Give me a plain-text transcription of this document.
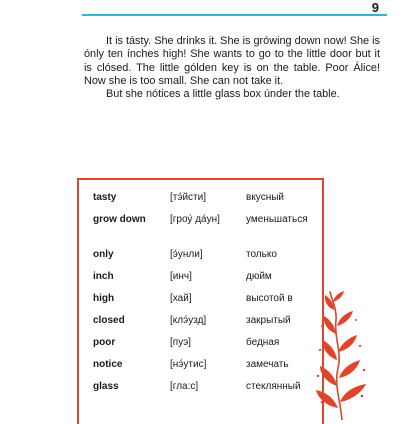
9

It is tásty. She drinks it. She is grówing down now! She is ónly ten ínches high! She wants to go to the little door but it is clósed. The little gólden key is on the table. Poor Álice! Now she is too small. She can not take it.

But she nótices a little glass box únder the table.

tasty	[тэ́йсти]	вкусный
grow down	[гроу́ да́ун]	уменьшаться
only	[э́унли]	только
inch	[инч]	дюйм
high	[хай]	высотой в
closed	[клэ́узд]	закрытый
poor	[пуэ]	бедная
notice	[нэ́утис]	замечать
glass	[гла:с]	стеклянный
